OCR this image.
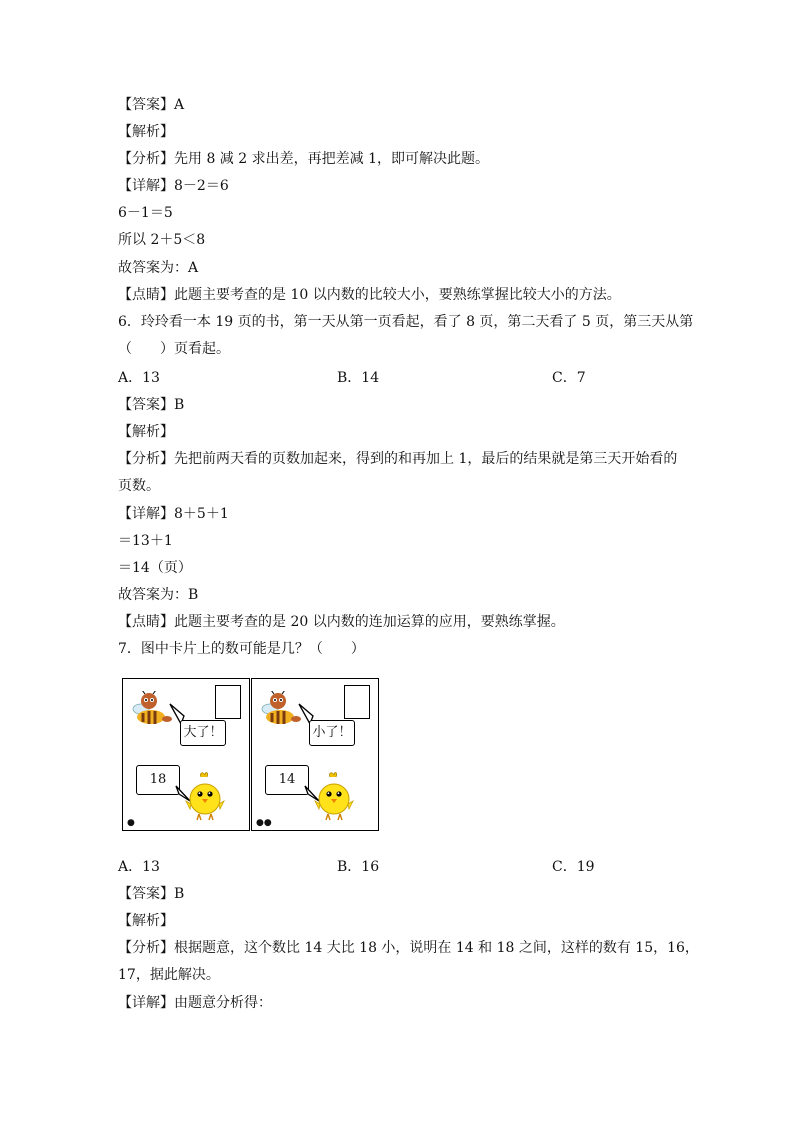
【答案】A
【解析】
【分析】先用 8 减 2 求出差，再把差减 1，即可解决此题。
【详解】8－2＝6
6－1＝5
所以 2＋5＜8
故答案为：A
【点睛】此题主要考查的是 10 以内数的比较大小，要熟练掌握比较大小的方法。
6．玲玲看一本 19 页的书，第一天从第一页看起，看了 8 页，第二天看了 5 页，第三天从第
（　　）页看起。
A．13	B．14	C．7
【答案】B
【解析】
【分析】先把前两天看的页数加起来，得到的和再加上 1，最后的结果就是第三天开始看的
页数。
【详解】8＋5＋1
＝13＋1
＝14（页）
故答案为：B
【点睛】此题主要考查的是 20 以内数的连加运算的应用，要熟练掌握。
7．图中卡片上的数可能是几？（　　）
大了！
18
●
小了！
14
●●
A．13	B．16	C．19
【答案】B
【解析】
【分析】根据题意，这个数比 14 大比 18 小，说明在 14 和 18 之间，这样的数有 15，16，
17，据此解决。
【详解】由题意分析得：
